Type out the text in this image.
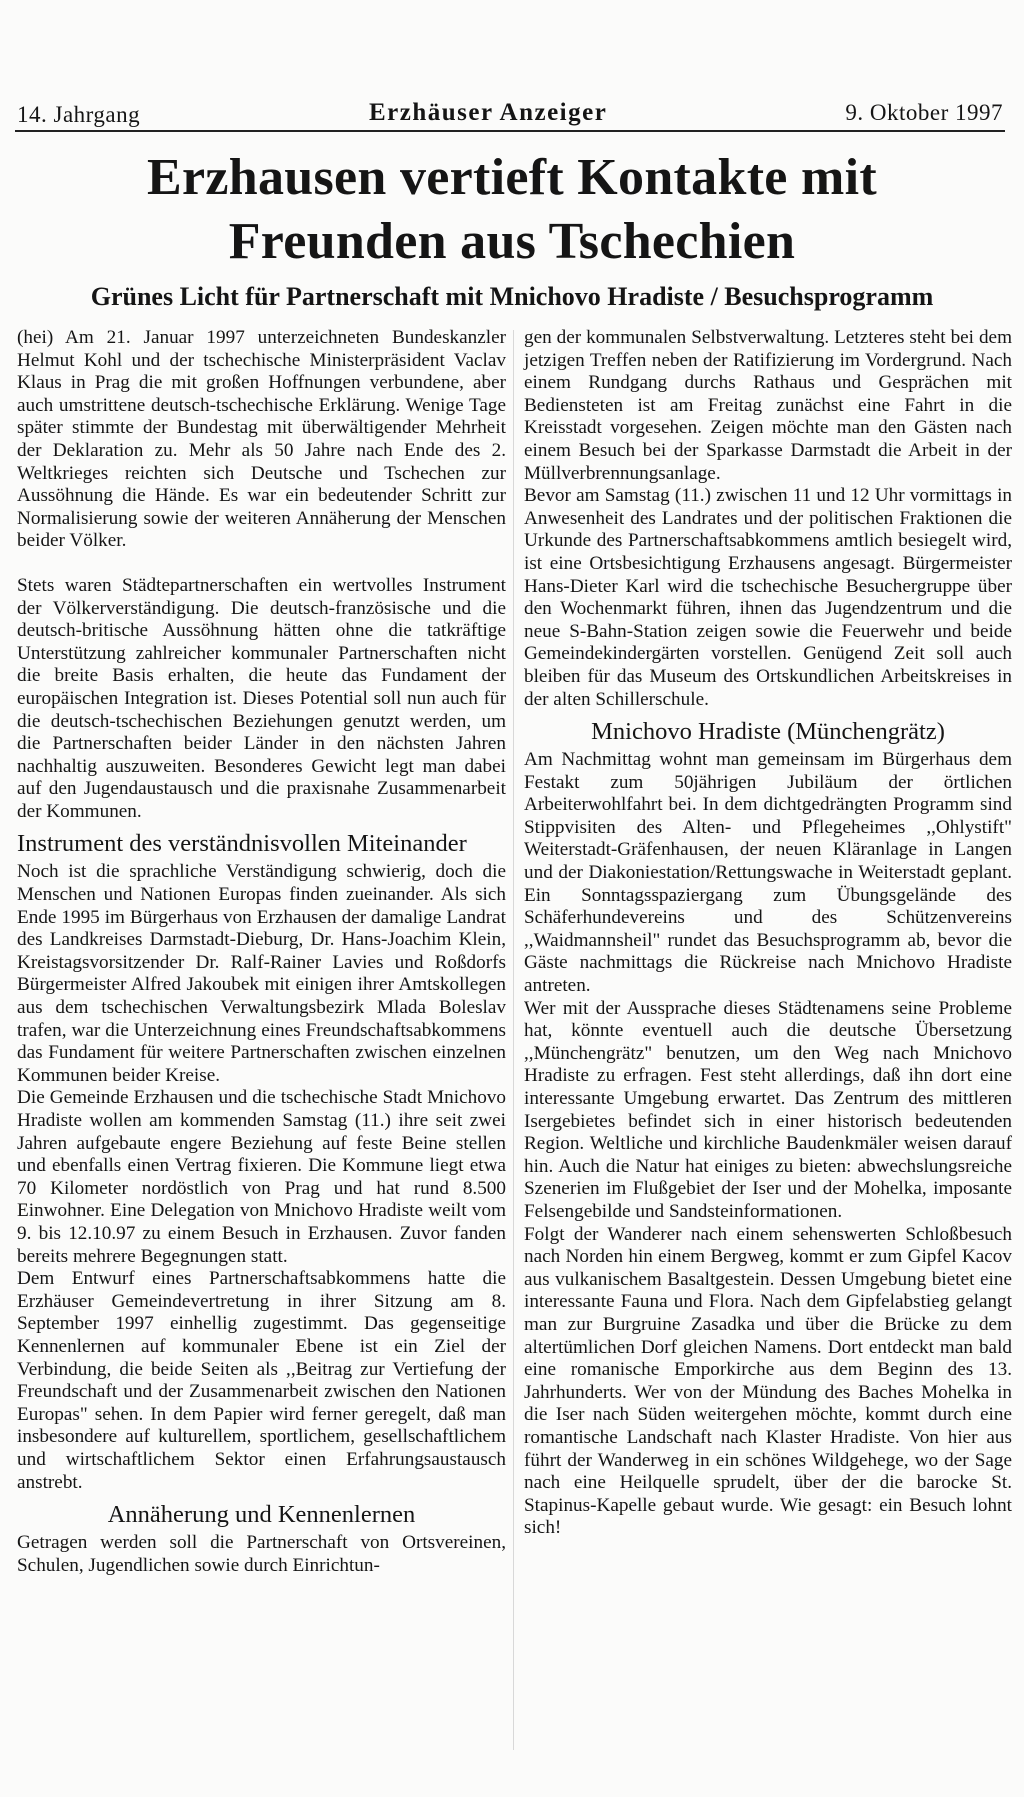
14. Jahrgang	Erzhäuser Anzeiger	9. Oktober 1997
Erzhausen vertieft Kontakte mit
Freunden aus Tschechien
Grünes Licht für Partnerschaft mit Mnichovo Hradiste / Besuchsprogramm

(hei) Am 21. Januar 1997 unterzeichneten Bundeskanzler Helmut Kohl und der tschechische Ministerpräsident Vaclav Klaus in Prag die mit großen Hoffnungen verbundene, aber auch umstrittene deutsch-tschechische Erklärung. Wenige Tage später stimmte der Bundestag mit überwältigender Mehrheit der Deklaration zu. Mehr als 50 Jahre nach Ende des 2. Weltkrieges reichten sich Deutsche und Tschechen zur Aussöhnung die Hände. Es war ein bedeutender Schritt zur Normalisierung sowie der weiteren Annäherung der Menschen beider Völker.

Stets waren Städtepartnerschaften ein wertvolles Instrument der Völkerverständigung. Die deutsch-französische und die deutsch-britische Aussöhnung hätten ohne die tatkräftige Unterstützung zahlreicher kommunaler Partnerschaften nicht die breite Basis erhalten, die heute das Fundament der europäischen Integration ist. Dieses Potential soll nun auch für die deutsch-tschechischen Beziehungen genutzt werden, um die Partnerschaften beider Länder in den nächsten Jahren nachhaltig auszuweiten. Besonderes Gewicht legt man dabei auf den Jugendaustausch und die praxisnahe Zusammenarbeit der Kommunen.

Instrument des verständnisvollen Miteinander

Noch ist die sprachliche Verständigung schwierig, doch die Menschen und Nationen Europas finden zueinander. Als sich Ende 1995 im Bürgerhaus von Erzhausen der damalige Landrat des Landkreises Darmstadt-Dieburg, Dr. Hans-Joachim Klein, Kreistagsvorsitzender Dr. Ralf-Rainer Lavies und Roßdorfs Bürgermeister Alfred Jakoubek mit einigen ihrer Amtskollegen aus dem tschechischen Verwaltungsbezirk Mlada Boleslav trafen, war die Unterzeichnung eines Freundschaftsabkommens das Fundament für weitere Partnerschaften zwischen einzelnen Kommunen beider Kreise.

Die Gemeinde Erzhausen und die tschechische Stadt Mnichovo Hradiste wollen am kommenden Samstag (11.) ihre seit zwei Jahren aufgebaute engere Beziehung auf feste Beine stellen und ebenfalls einen Vertrag fixieren. Die Kommune liegt etwa 70 Kilometer nordöstlich von Prag und hat rund 8.500 Einwohner. Eine Delegation von Mnichovo Hradiste weilt vom 9. bis 12.10.97 zu einem Besuch in Erzhausen. Zuvor fanden bereits mehrere Begegnungen statt.

Dem Entwurf eines Partnerschaftsabkommens hatte die Erzhäuser Gemeindevertretung in ihrer Sitzung am 8. September 1997 einhellig zugestimmt. Das gegenseitige Kennenlernen auf kommunaler Ebene ist ein Ziel der Verbindung, die beide Seiten als ,,Beitrag zur Vertiefung der Freundschaft und der Zusammenarbeit zwischen den Nationen Europas" sehen. In dem Papier wird ferner geregelt, daß man insbesondere auf kulturellem, sportlichem, gesellschaftlichem und wirtschaftlichem Sektor einen Erfahrungsaustausch anstrebt.

Annäherung und Kennenlernen

Getragen werden soll die Partnerschaft von Ortsvereinen, Schulen, Jugendlichen sowie durch Einrichtun-

gen der kommunalen Selbstverwaltung. Letzteres steht bei dem jetzigen Treffen neben der Ratifizierung im Vordergrund. Nach einem Rundgang durchs Rathaus und Gesprächen mit Bediensteten ist am Freitag zunächst eine Fahrt in die Kreisstadt vorgesehen. Zeigen möchte man den Gästen nach einem Besuch bei der Sparkasse Darmstadt die Arbeit in der Müllverbrennungsanlage.

Bevor am Samstag (11.) zwischen 11 und 12 Uhr vormittags in Anwesenheit des Landrates und der politischen Fraktionen die Urkunde des Partnerschaftsabkommens amtlich besiegelt wird, ist eine Ortsbesichtigung Erzhausens angesagt. Bürgermeister Hans-Dieter Karl wird die tschechische Besuchergruppe über den Wochenmarkt führen, ihnen das Jugendzentrum und die neue S-Bahn-Station zeigen sowie die Feuerwehr und beide Gemeindekindergärten vorstellen. Genügend Zeit soll auch bleiben für das Museum des Ortskundlichen Arbeitskreises in der alten Schillerschule.

Mnichovo Hradiste (Münchengrätz)

Am Nachmittag wohnt man gemeinsam im Bürgerhaus dem Festakt zum 50jährigen Jubiläum der örtlichen Arbeiterwohlfahrt bei. In dem dichtgedrängten Programm sind Stippvisiten des Alten- und Pflegeheimes ,,Ohlystift" Weiterstadt-Gräfenhausen, der neuen Kläranlage in Langen und der Diakoniestation/Rettungswache in Weiterstadt geplant. Ein Sonntagsspaziergang zum Übungsgelände des Schäferhundevereins und des Schützenvereins ,,Waidmannsheil" rundet das Besuchsprogramm ab, bevor die Gäste nachmittags die Rückreise nach Mnichovo Hradiste antreten.

Wer mit der Aussprache dieses Städtenamens seine Probleme hat, könnte eventuell auch die deutsche Übersetzung ,,Münchengrätz" benutzen, um den Weg nach Mnichovo Hradiste zu erfragen. Fest steht allerdings, daß ihn dort eine interessante Umgebung erwartet. Das Zentrum des mittleren Isergebietes befindet sich in einer historisch bedeutenden Region. Weltliche und kirchliche Baudenkmäler weisen darauf hin. Auch die Natur hat einiges zu bieten: abwechslungsreiche Szenerien im Flußgebiet der Iser und der Mohelka, imposante Felsengebilde und Sandsteinformationen.

Folgt der Wanderer nach einem sehenswerten Schloßbesuch nach Norden hin einem Bergweg, kommt er zum Gipfel Kacov aus vulkanischem Basaltgestein. Dessen Umgebung bietet eine interessante Fauna und Flora. Nach dem Gipfelabstieg gelangt man zur Burgruine Zasadka und über die Brücke zu dem altertümlichen Dorf gleichen Namens. Dort entdeckt man bald eine romanische Emporkirche aus dem Beginn des 13. Jahrhunderts. Wer von der Mündung des Baches Mohelka in die Iser nach Süden weitergehen möchte, kommt durch eine romantische Landschaft nach Klaster Hradiste. Von hier aus führt der Wanderweg in ein schönes Wildgehege, wo der Sage nach eine Heilquelle sprudelt, über der die barocke St. Stapinus-Kapelle gebaut wurde. Wie gesagt: ein Besuch lohnt sich!
